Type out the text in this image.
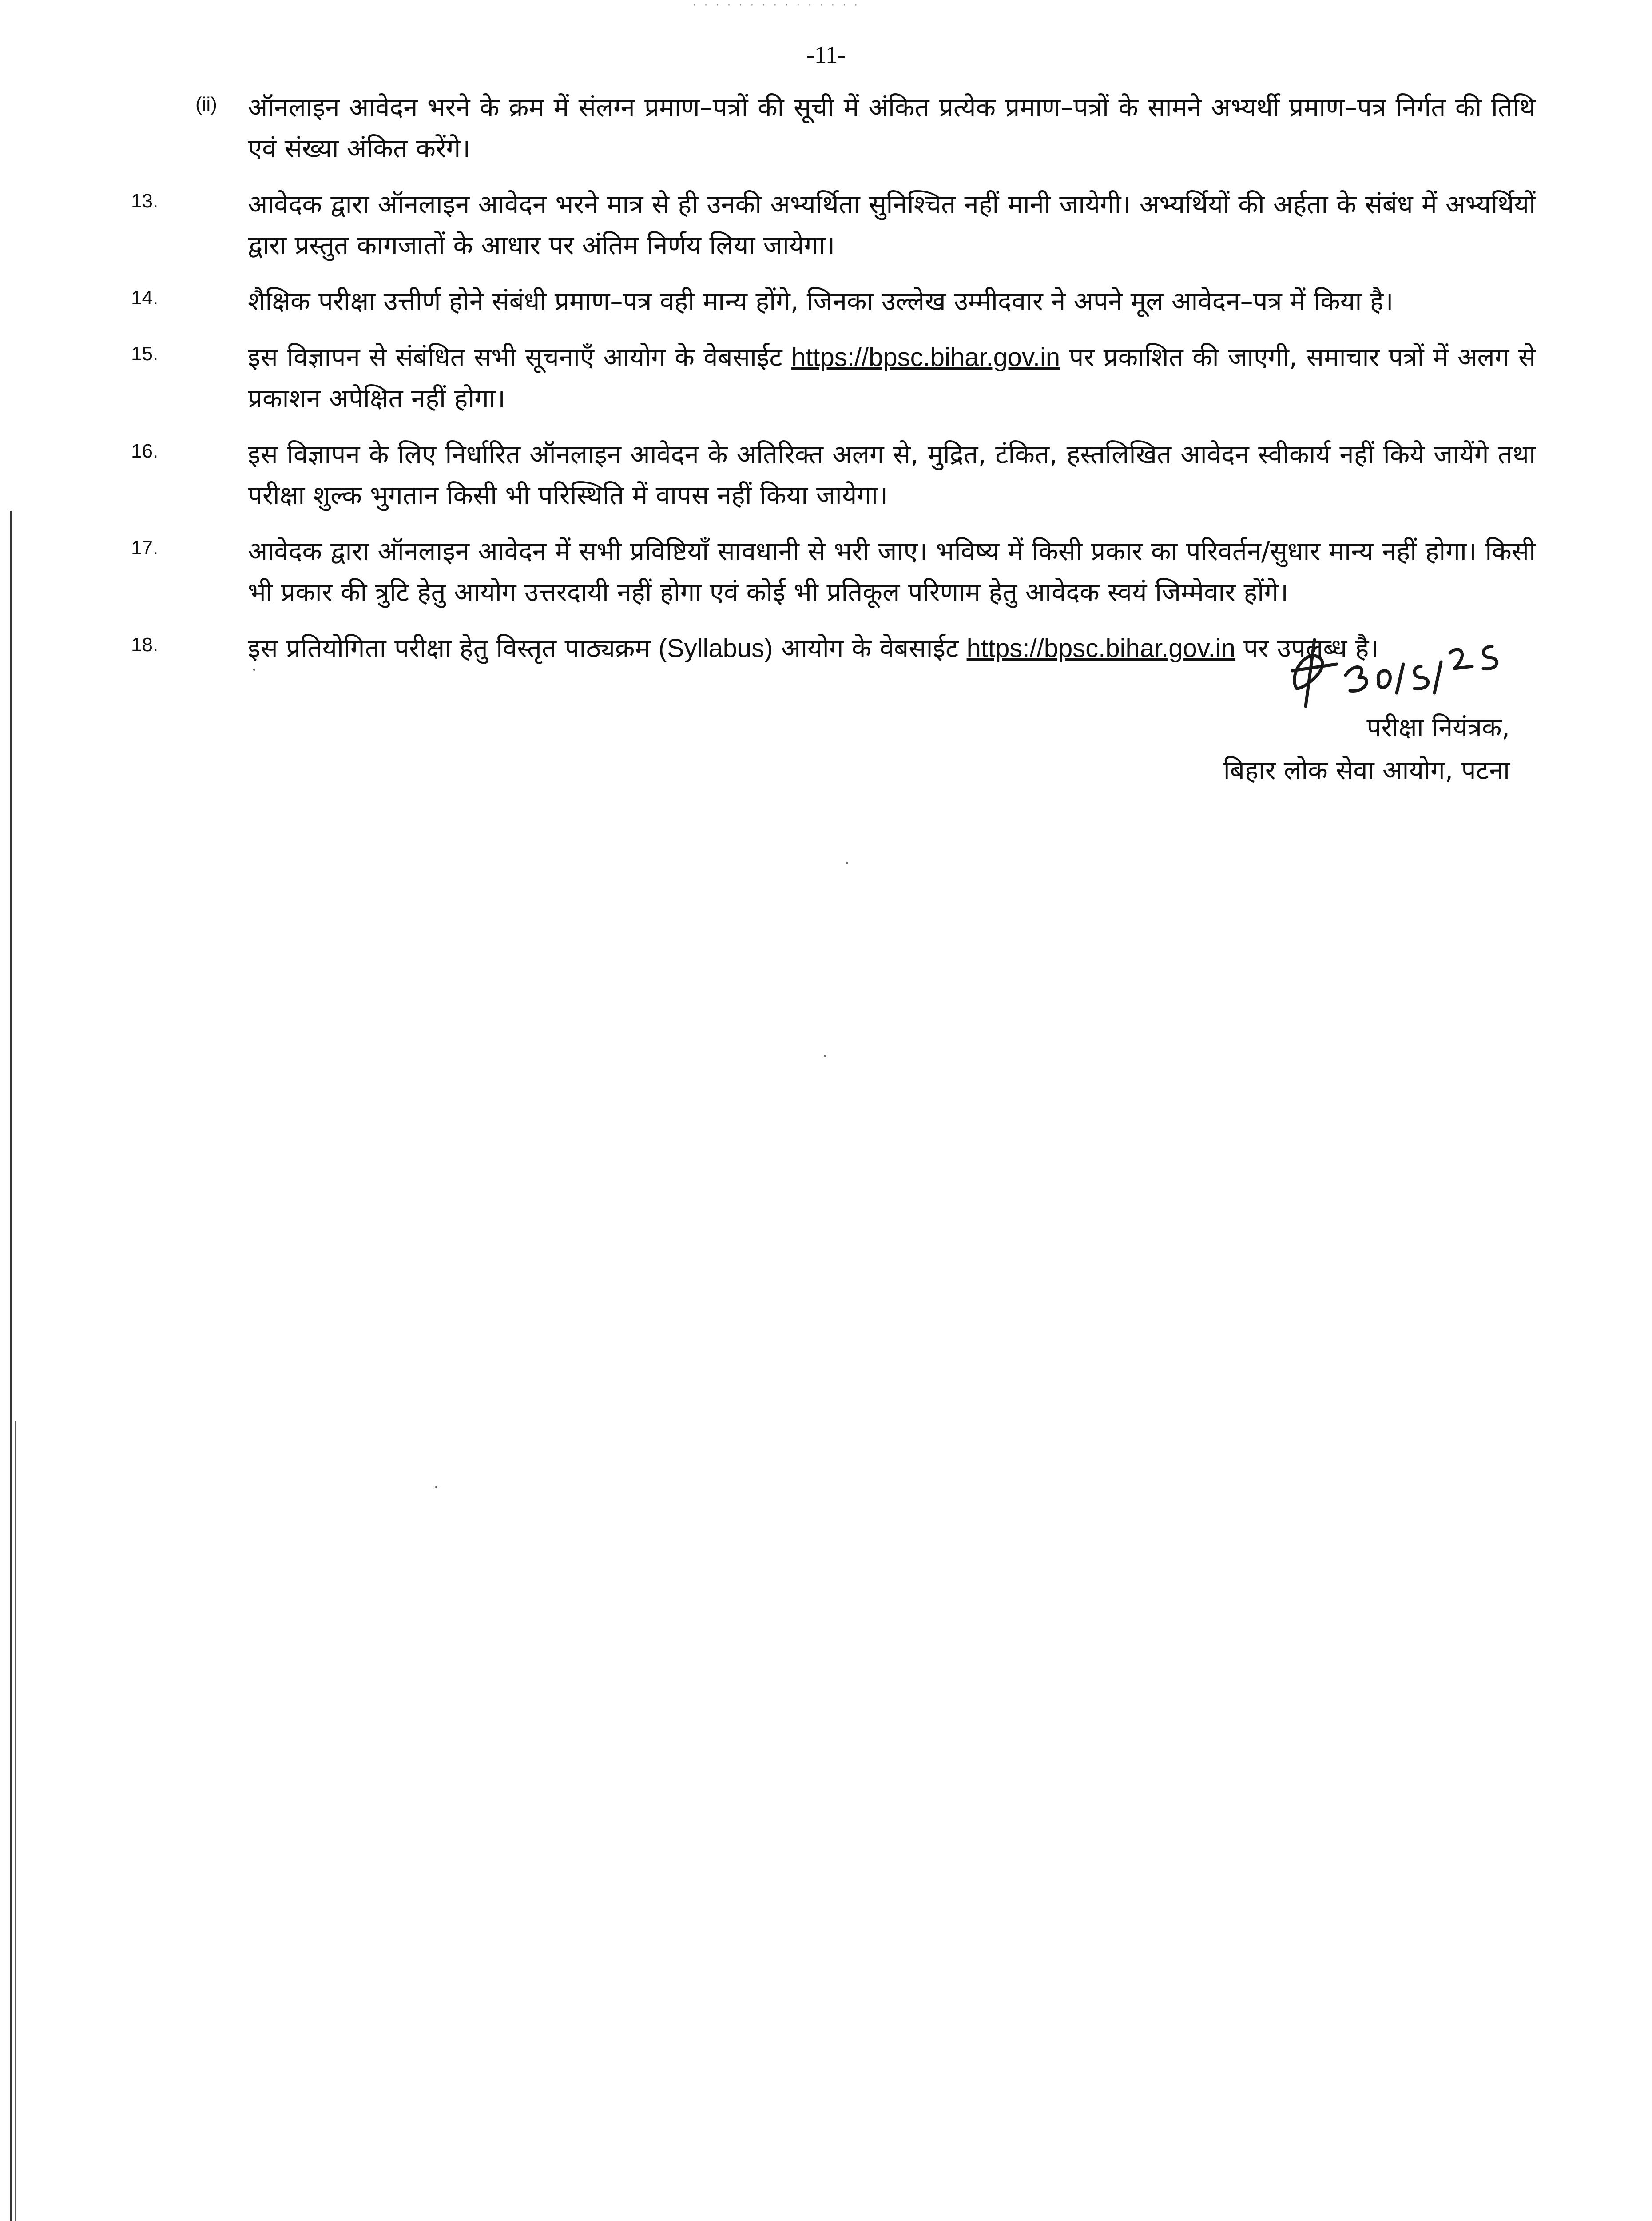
· · · · · · · · · · · · · · ·
-11-
(ii) ऑनलाइन आवेदन भरने के क्रम में संलग्न प्रमाण–पत्रों की सूची में अंकित प्रत्येक प्रमाण–पत्रों के सामने अभ्यर्थी प्रमाण–पत्र निर्गत की तिथि एवं संख्या अंकित करेंगे।
13.	आवेदक द्वारा ऑनलाइन आवेदन भरने मात्र से ही उनकी अभ्यर्थिता सुनिश्चित नहीं मानी जायेगी। अभ्यर्थियों की अर्हता के संबंध में अभ्यर्थियों द्वारा प्रस्तुत कागजातों के आधार पर अंतिम निर्णय लिया जायेगा।
14.	शैक्षिक परीक्षा उत्तीर्ण होने संबंधी प्रमाण–पत्र वही मान्य होंगे, जिनका उल्लेख उम्मीदवार ने अपने मूल आवेदन–पत्र में किया है।
15.	इस विज्ञापन से संबंधित सभी सूचनाएँ आयोग के वेबसाईट https://bpsc.bihar.gov.in पर प्रकाशित की जाएगी, समाचार पत्रों में अलग से प्रकाशन अपेक्षित नहीं होगा।
16.	इस विज्ञापन के लिए निर्धारित ऑनलाइन आवेदन के अतिरिक्त अलग से, मुद्रित, टंकित, हस्तलिखित आवेदन स्वीकार्य नहीं किये जायेंगे तथा परीक्षा शुल्क भुगतान किसी भी परिस्थिति में वापस नहीं किया जायेगा।
17.	आवेदक द्वारा ऑनलाइन आवेदन में सभी प्रविष्टियाँ सावधानी से भरी जाए। भविष्य में किसी प्रकार का परिवर्तन/सुधार मान्य नहीं होगा। किसी भी प्रकार की त्रुटि हेतु आयोग उत्तरदायी नहीं होगा एवं कोई भी प्रतिकूल परिणाम हेतु आवेदक स्वयं जिम्मेवार होंगे।
18.	इस प्रतियोगिता परीक्षा हेतु विस्तृत पाठ्यक्रम (Syllabus) आयोग के वेबसाईट https://bpsc.bihar.gov.in पर उपलब्ध है।
परीक्षा नियंत्रक,
बिहार लोक सेवा आयोग, पटना
